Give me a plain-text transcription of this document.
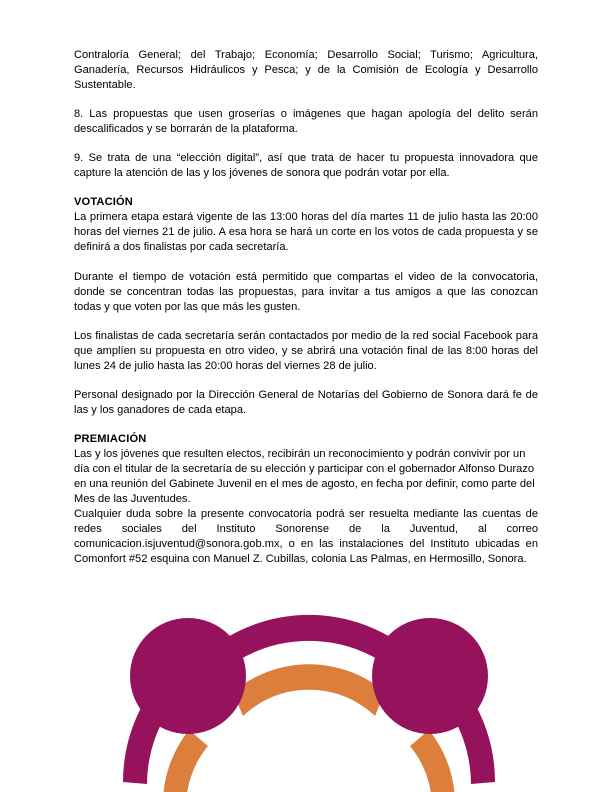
Contraloría General; del Trabajo; Economía; Desarrollo Social; Turismo; Agricultura, Ganadería, Recursos Hidráulicos y Pesca; y de la Comisión de Ecología y Desarrollo Sustentable.

8. Las propuestas que usen groserías o imágenes que hagan apología del delito serán descalificados y se borrarán de la plataforma.

9. Se trata de una “elección digital”, así que trata de hacer tu propuesta innovadora que capture la atención de las y los jóvenes de sonora que podrán votar por ella.

VOTACIÓN

La primera etapa estará vigente de las 13:00 horas del día martes 11 de julio hasta las 20:00 horas del viernes 21 de julio. A esa hora se hará un corte en los votos de cada propuesta y se definirá a dos finalistas por cada secretaría.

Durante el tiempo de votación está permitido que compartas el video de la convocatoria, donde se concentran todas las propuestas, para invitar a tus amigos a que las conozcan todas y que voten por las que más les gusten.

Los finalistas de cada secretaría serán contactados por medio de la red social Facebook para que amplíen su propuesta en otro video, y se abrirá una votación final de las 8:00 horas del lunes 24 de julio hasta las 20:00 horas del viernes 28 de julio.

Personal designado por la Dirección General de Notarías del Gobierno de Sonora dará fe de las y los ganadores de cada etapa.

PREMIACIÓN

Las y los jóvenes que resulten electos, recibirán un reconocimiento y podrán convivir por un día con el titular de la secretaría de su elección y participar con el gobernador Alfonso Durazo en una reunión del Gabinete Juvenil en el mes de agosto, en fecha por definir, como parte del Mes de las Juventudes.

Cualquier duda sobre la presente convocatoria podrá ser resuelta mediante las cuentas de redes sociales del Instituto Sonorense de la Juventud, al correo comunicacion.isjuventud@sonora.gob.mx, o en las instalaciones del Instituto ubicadas en Comonfort #52 esquina con Manuel Z. Cubillas, colonia Las Palmas, en Hermosillo, Sonora.
